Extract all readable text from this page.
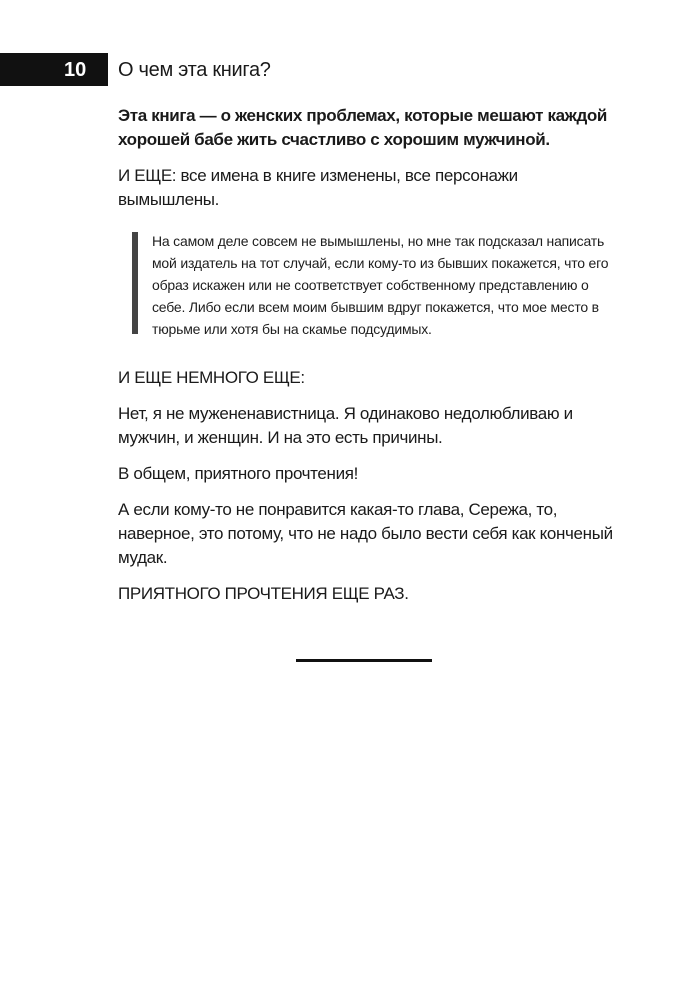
10	О чем эта книга?

Эта книга — о женских проблемах, которые мешают каждой хорошей бабе жить счастливо с хорошим мужчиной.

И ЕЩЕ: все имена в книге изменены, все персонажи вымышлены.

На самом деле совсем не вымышлены, но мне так подсказал написать мой издатель на тот случай, если кому-то из бывших покажется, что его образ искажен или не соответствует собственному представлению о себе. Либо если всем моим бывшим вдруг покажется, что мое место в тюрьме или хотя бы на скамье подсудимых.

И ЕЩЕ НЕМНОГО ЕЩЕ:

Нет, я не мужененавистница. Я одинаково недолюбливаю и мужчин, и женщин. И на это есть причины.

В общем, приятного прочтения!

А если кому-то не понравится какая-то глава, Сережа, то, наверное, это потому, что не надо было вести себя как конченый мудак.

ПРИЯТНОГО ПРОЧТЕНИЯ ЕЩЕ РАЗ.
